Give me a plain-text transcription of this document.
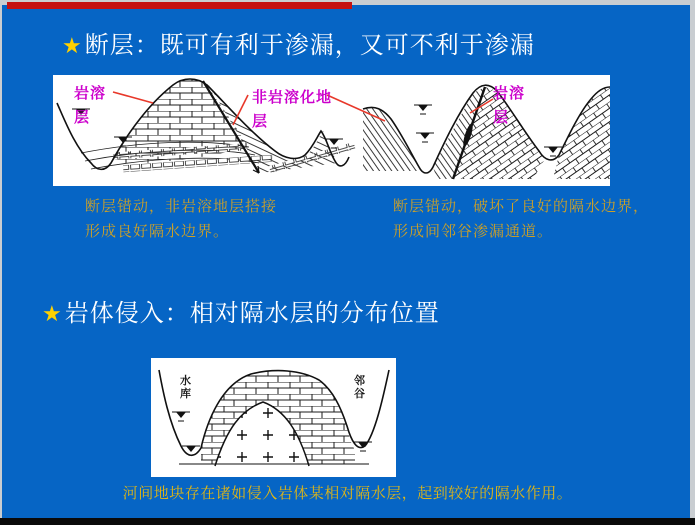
★断层：既可有利于渗漏，又可不利于渗漏
岩溶层
非岩溶化地层
岩溶层
断层错动，非岩溶地层搭接
形成良好隔水边界。
断层错动，破坏了良好的隔水边界，
形成间邻谷渗漏通道。
★岩体侵入：相对隔水层的分布位置
水库
邻谷
河间地块存在诸如侵入岩体某相对隔水层，起到较好的隔水作用。
